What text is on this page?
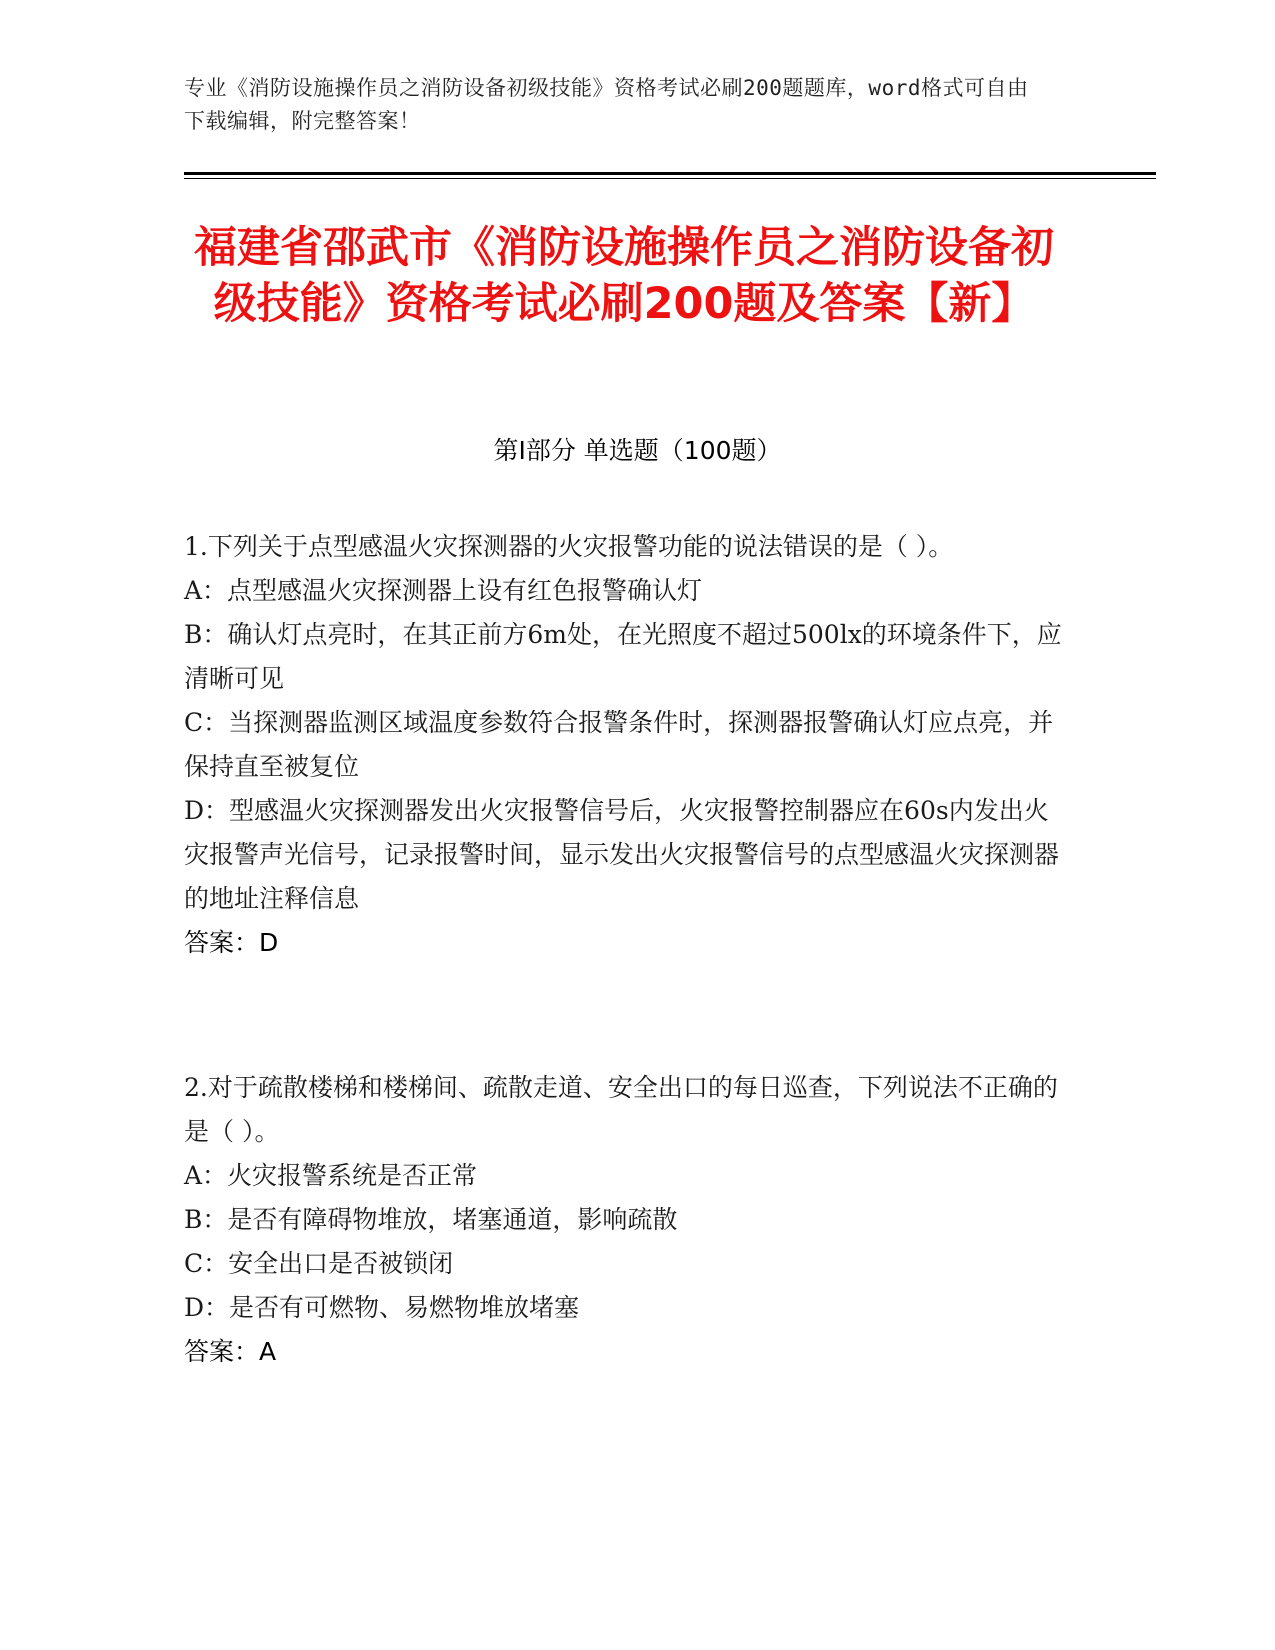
专业《消防设施操作员之消防设备初级技能》资格考试必刷200题题库，word格式可自由下载编辑，附完整答案！
福建省邵武市《消防设施操作员之消防设备初级技能》资格考试必刷200题及答案【新】
第I部分 单选题（100题）
1.下列关于点型感温火灾探测器的火灾报警功能的说法错误的是（ ）。
A：点型感温火灾探测器上设有红色报警确认灯
B：确认灯点亮时，在其正前方6m处，在光照度不超过500lx的环境条件下，应清晰可见
C：当探测器监测区域温度参数符合报警条件时，探测器报警确认灯应点亮，并保持直至被复位
D：型感温火灾探测器发出火灾报警信号后，火灾报警控制器应在60s内发出火灾报警声光信号，记录报警时间，显示发出火灾报警信号的点型感温火灾探测器的地址注释信息
答案：D
2.对于疏散楼梯和楼梯间、疏散走道、安全出口的每日巡查，下列说法不正确的是（ ）。
A：火灾报警系统是否正常
B：是否有障碍物堆放，堵塞通道，影响疏散
C：安全出口是否被锁闭
D：是否有可燃物、易燃物堆放堵塞
答案：A
